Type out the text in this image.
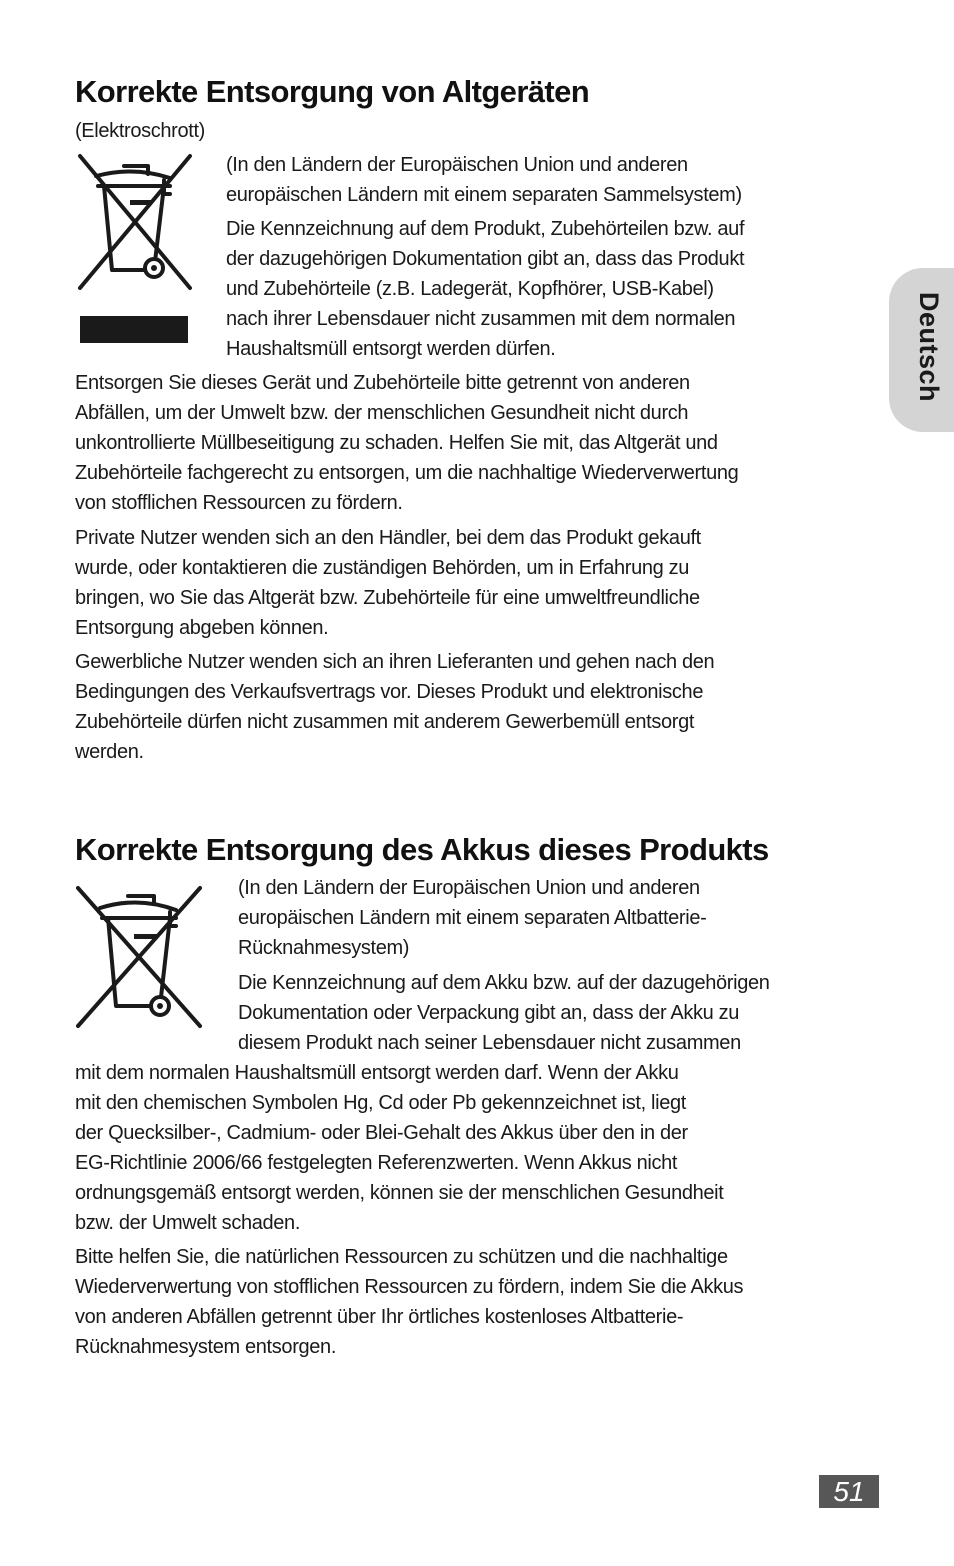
Deutsch
Korrekte Entsorgung von Altgeräten

(Elektroschrott)

(In den Ländern der Europäischen Union und anderen

europäischen Ländern mit einem separaten Sammelsystem)

Die Kennzeichnung auf dem Produkt, Zubehörteilen bzw. auf

der dazugehörigen Dokumentation gibt an, dass das Produkt

und Zubehörteile (z.B. Ladegerät, Kopfhörer, USB-Kabel)

nach ihrer Lebensdauer nicht zusammen mit dem normalen

Haushaltsmüll entsorgt werden dürfen.

Entsorgen Sie dieses Gerät und Zubehörteile bitte getrennt von anderen

Abfällen, um der Umwelt bzw. der menschlichen Gesundheit nicht durch

unkontrollierte Müllbeseitigung zu schaden. Helfen Sie mit, das Altgerät und

Zubehörteile fachgerecht zu entsorgen, um die nachhaltige Wiederverwertung

von stofflichen Ressourcen zu fördern.

Private Nutzer wenden sich an den Händler, bei dem das Produkt gekauft

wurde, oder kontaktieren die zuständigen Behörden, um in Erfahrung zu

bringen, wo Sie das Altgerät bzw. Zubehörteile für eine umweltfreundliche

Entsorgung abgeben können.

Gewerbliche Nutzer wenden sich an ihren Lieferanten und gehen nach den

Bedingungen des Verkaufsvertrags vor. Dieses Produkt und elektronische

Zubehörteile dürfen nicht zusammen mit anderem Gewerbemüll entsorgt

werden.

Korrekte Entsorgung des Akkus dieses Produkts

(In den Ländern der Europäischen Union und anderen

europäischen Ländern mit einem separaten Altbatterie-

Rücknahmesystem)

Die Kennzeichnung auf dem Akku bzw. auf der dazugehörigen

Dokumentation oder Verpackung gibt an, dass der Akku zu

diesem Produkt nach seiner Lebensdauer nicht zusammen

mit dem normalen Haushaltsmüll entsorgt werden darf. Wenn der Akku

mit den chemischen Symbolen Hg, Cd oder Pb gekennzeichnet ist, liegt

der Quecksilber-, Cadmium- oder Blei-Gehalt des Akkus über den in der

EG-Richtlinie 2006/66 festgelegten Referenzwerten. Wenn Akkus nicht

ordnungsgemäß entsorgt werden, können sie der menschlichen Gesundheit

bzw. der Umwelt schaden.

Bitte helfen Sie, die natürlichen Ressourcen zu schützen und die nachhaltige

Wiederverwertung von stofflichen Ressourcen zu fördern, indem Sie die Akkus

von anderen Abfällen getrennt über Ihr örtliches kostenloses Altbatterie-

Rücknahmesystem entsorgen.

51
